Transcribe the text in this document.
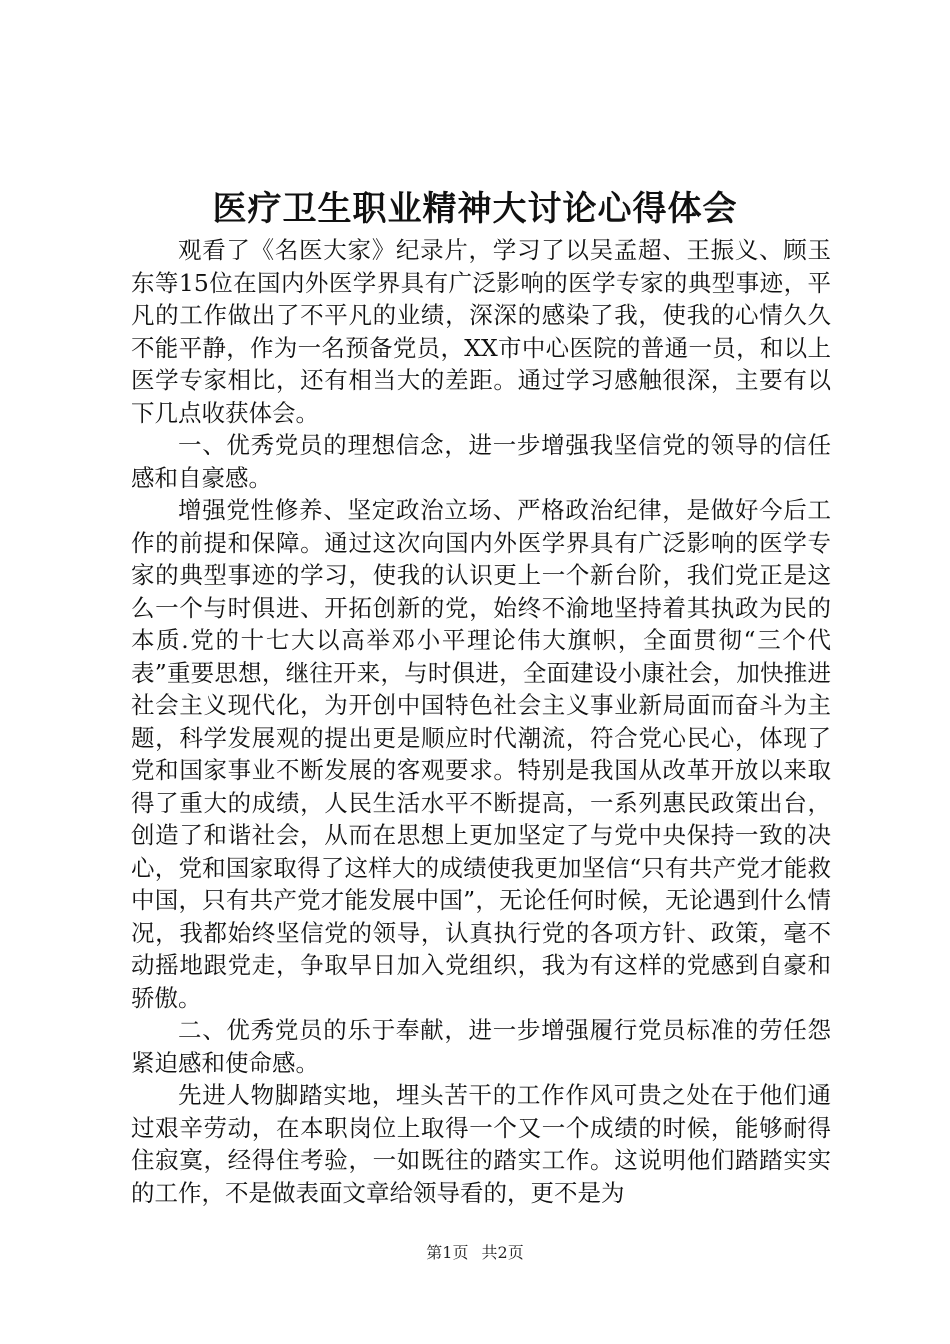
医疗卫生职业精神大讨论心得体会

观看了《名医大家》纪录片，学习了以吴孟超、王振义、顾玉东等15位在国内外医学界具有广泛影响的医学专家的典型事迹，平凡的工作做出了不平凡的业绩，深深的感染了我，使我的心情久久不能平静，作为一名预备党员，XX市中心医院的普通一员，和以上医学专家相比，还有相当大的差距。通过学习感触很深，主要有以下几点收获体会。

一、优秀党员的理想信念，进一步增强我坚信党的领导的信任感和自豪感。

增强党性修养、坚定政治立场、严格政治纪律，是做好今后工作的前提和保障。通过这次向国内外医学界具有广泛影响的医学专家的典型事迹的学习，使我的认识更上一个新台阶，我们党正是这么一个与时俱进、开拓创新的党，始终不渝地坚持着其执政为民的本质.党的十七大以高举邓小平理论伟大旗帜，全面贯彻“三个代表”重要思想，继往开来，与时俱进，全面建设小康社会，加快推进社会主义现代化，为开创中国特色社会主义事业新局面而奋斗为主题，科学发展观的提出更是顺应时代潮流，符合党心民心，体现了党和国家事业不断发展的客观要求。特别是我国从改革开放以来取得了重大的成绩，人民生活水平不断提高，一系列惠民政策出台，创造了和谐社会，从而在思想上更加坚定了与党中央保持一致的决心，党和国家取得了这样大的成绩使我更加坚信“只有共产党才能救中国，只有共产党才能发展中国”，无论任何时候，无论遇到什么情况，我都始终坚信党的领导，认真执行党的各项方针、政策，毫不动摇地跟党走，争取早日加入党组织，我为有这样的党感到自豪和骄傲。

二、优秀党员的乐于奉献，进一步增强履行党员标准的劳任怨紧迫感和使命感。

先进人物脚踏实地，埋头苦干的工作作风可贵之处在于他们通过艰辛劳动，在本职岗位上取得一个又一个成绩的时候，能够耐得住寂寞，经得住考验，一如既往的踏实工作。这说明他们踏踏实实的工作，不是做表面文章给领导看的，更不是为

第1页 共2页
